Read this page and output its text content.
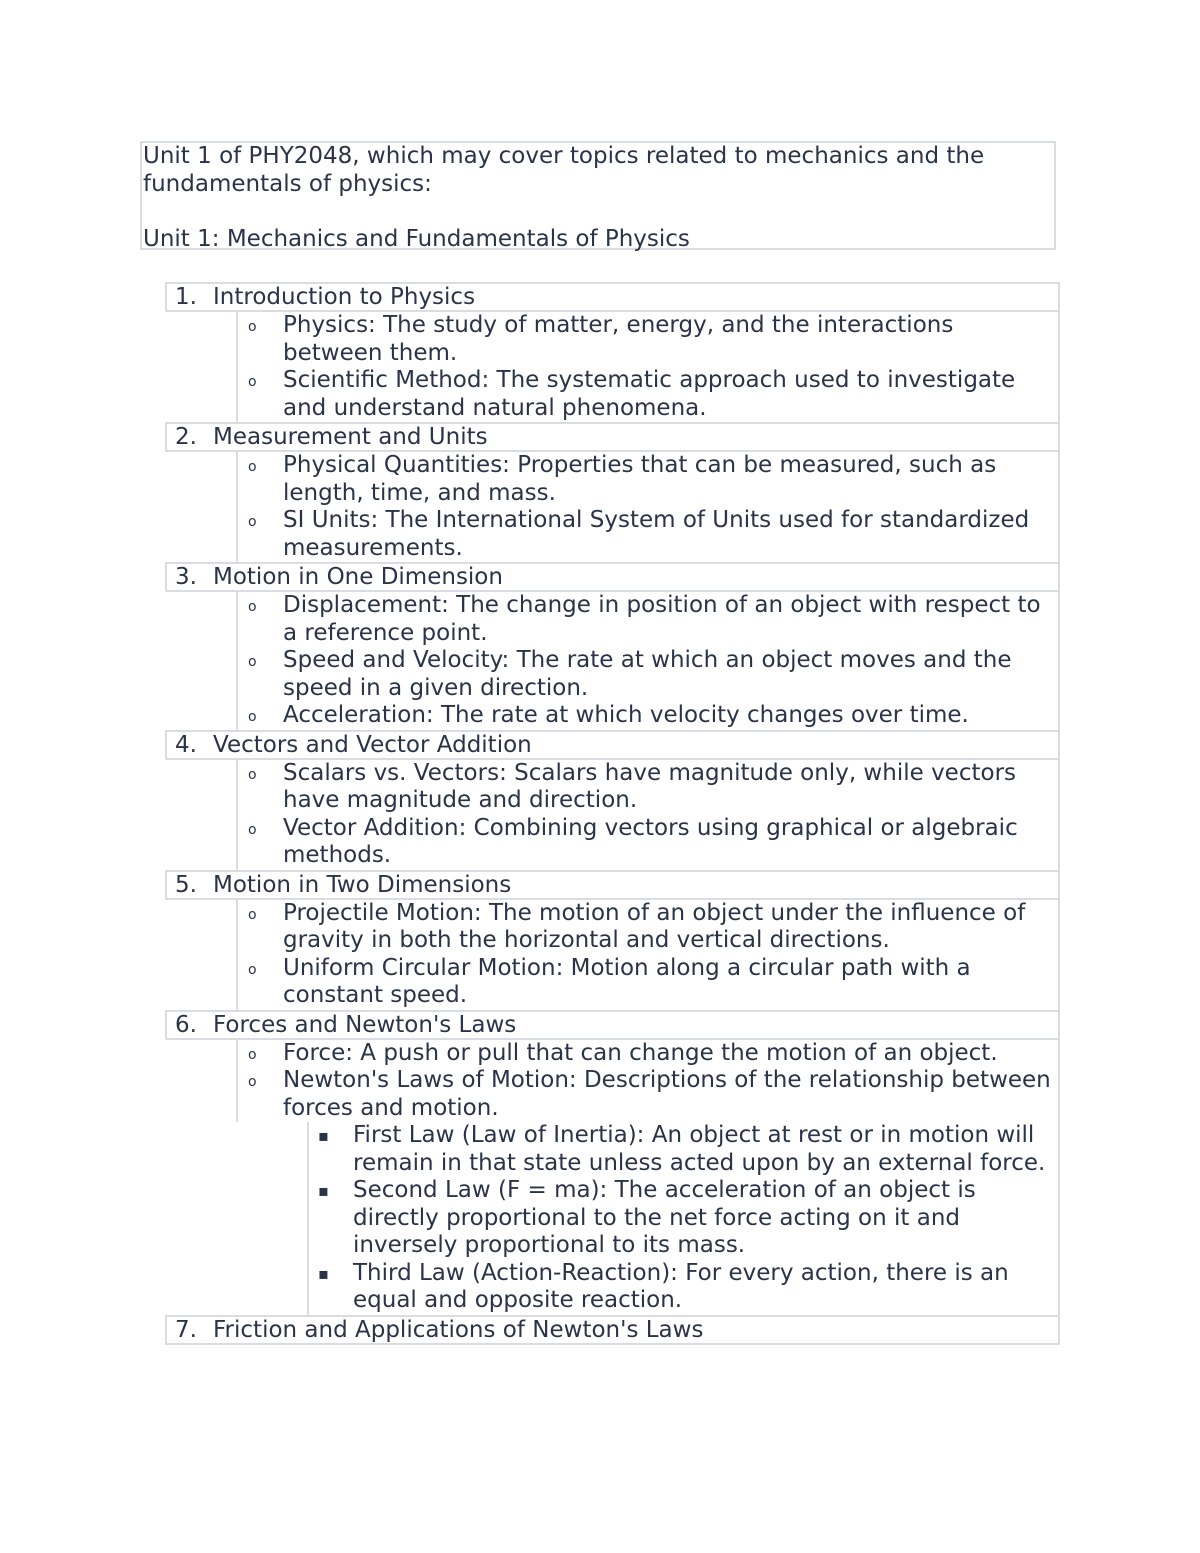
Unit 1 of PHY2048, which may cover topics related to mechanics and the fundamentals of physics:

Unit 1: Mechanics and Fundamentals of Physics

1. Introduction to Physics
o Physics: The study of matter, energy, and the interactions between them.
o Scientific Method: The systematic approach used to investigate and understand natural phenomena.
2. Measurement and Units
o Physical Quantities: Properties that can be measured, such as length, time, and mass.
o SI Units: The International System of Units used for standardized measurements.
3. Motion in One Dimension
o Displacement: The change in position of an object with respect to a reference point.
o Speed and Velocity: The rate at which an object moves and the speed in a given direction.
o Acceleration: The rate at which velocity changes over time.
4. Vectors and Vector Addition
o Scalars vs. Vectors: Scalars have magnitude only, while vectors have magnitude and direction.
o Vector Addition: Combining vectors using graphical or algebraic methods.
5. Motion in Two Dimensions
o Projectile Motion: The motion of an object under the influence of gravity in both the horizontal and vertical directions.
o Uniform Circular Motion: Motion along a circular path with a constant speed.
6. Forces and Newton's Laws
o Force: A push or pull that can change the motion of an object.
o Newton's Laws of Motion: Descriptions of the relationship between forces and motion.
▪ First Law (Law of Inertia): An object at rest or in motion will remain in that state unless acted upon by an external force.
▪ Second Law (F = ma): The acceleration of an object is directly proportional to the net force acting on it and inversely proportional to its mass.
▪ Third Law (Action-Reaction): For every action, there is an equal and opposite reaction.
7. Friction and Applications of Newton's Laws
